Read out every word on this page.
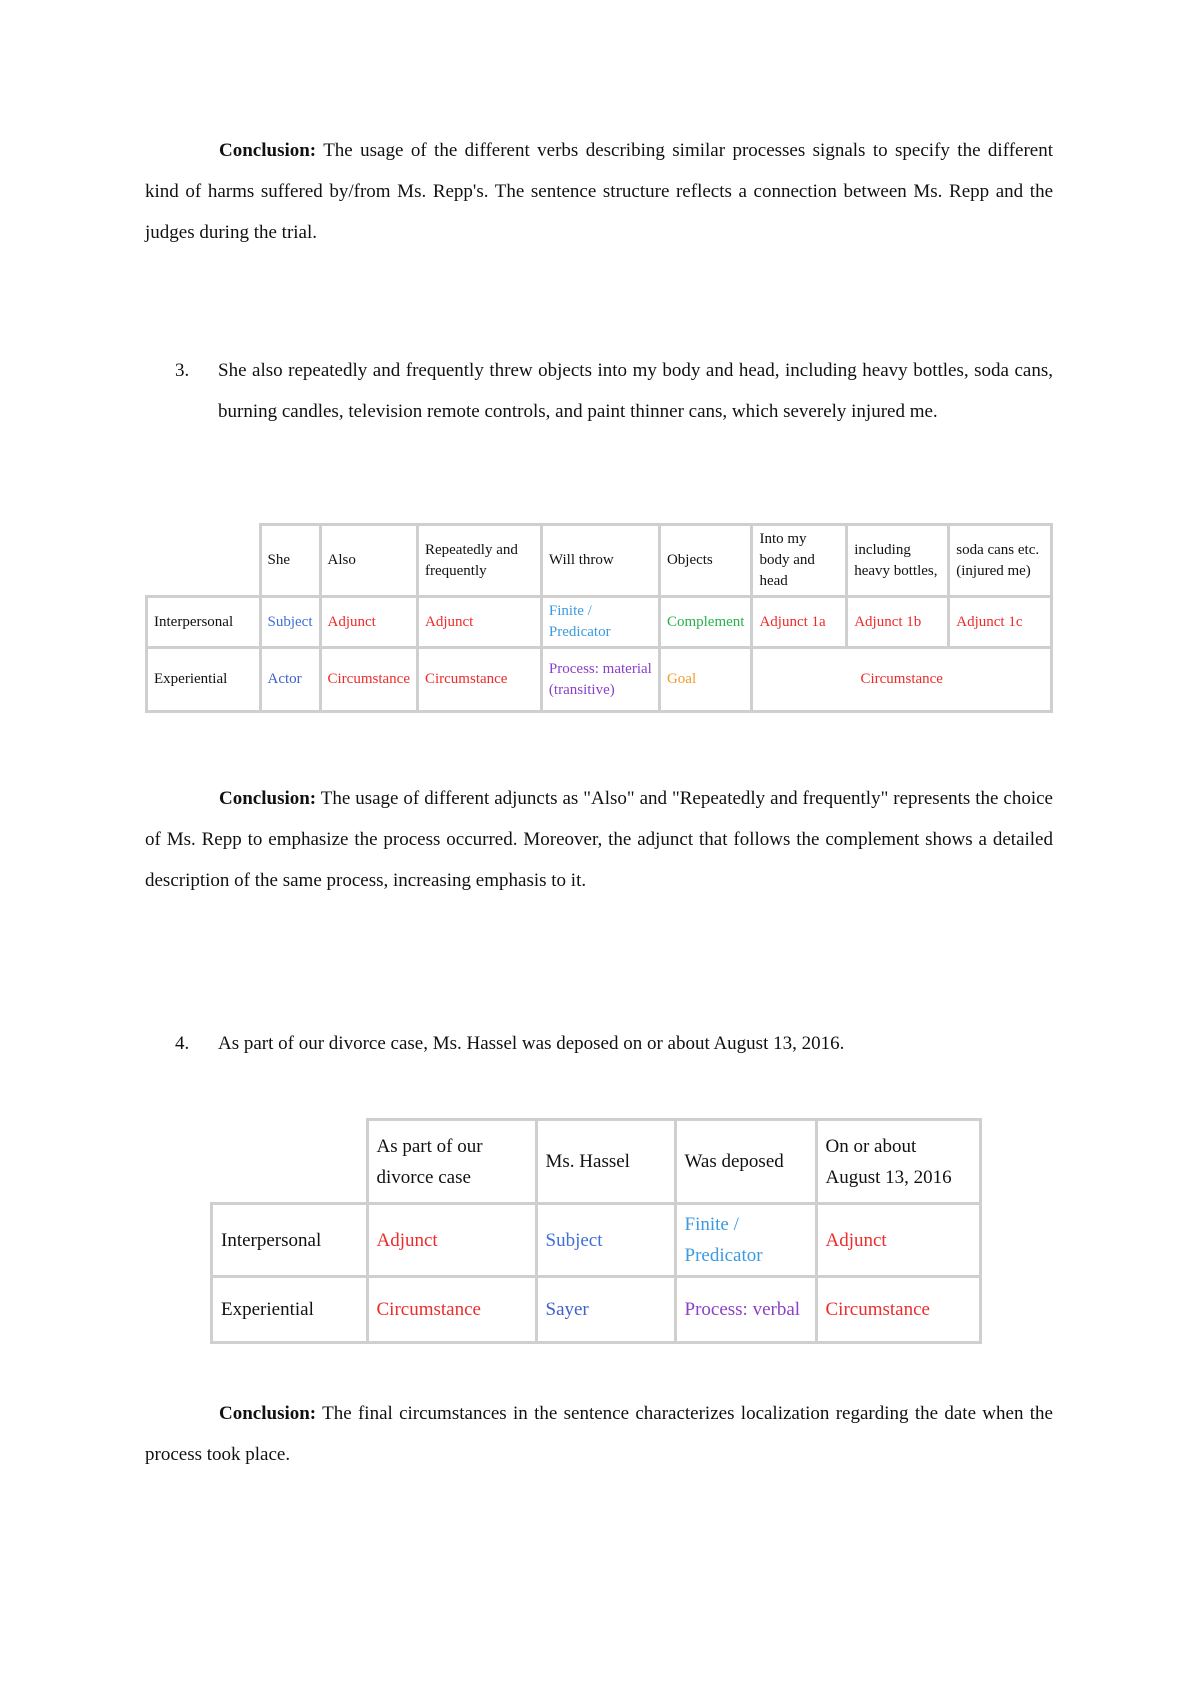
Conclusion: The usage of the different verbs describing similar processes signals to specify the different kind of harms suffered by/from Ms. Repp's. The sentence structure reflects a connection between Ms. Repp and the judges during the trial.

3. She also repeatedly and frequently threw objects into my body and head, including heavy bottles, soda cans, burning candles, television remote controls, and paint thinner cans, which severely injured me.
	She	Also	Repeatedly and frequently	Will throw	Objects	Into my body and head	including heavy bottles,	soda cans etc. (injured me)
Interpersonal	Subject	Adjunct	Adjunct	Finite / Predicator	Complement	Adjunct 1a	Adjunct 1b	Adjunct 1c
Experiential	Actor	Circumstance	Circumstance	Process: material (transitive)	Goal	Circumstance		

Conclusion: The usage of different adjuncts as "Also" and "Repeatedly and frequently" represents the choice of Ms. Repp to emphasize the process occurred. Moreover, the adjunct that follows the complement shows a detailed description of the same process, increasing emphasis to it.

4. As part of our divorce case, Ms. Hassel was deposed on or about August 13, 2016.
	As part of our divorce case	Ms. Hassel	Was deposed	On or about August 13, 2016
Interpersonal	Adjunct	Subject	Finite / Predicator	Adjunct
Experiential	Circumstance	Sayer	Process: verbal	Circumstance

Conclusion: The final circumstances in the sentence characterizes localization regarding the date when the process took place.
